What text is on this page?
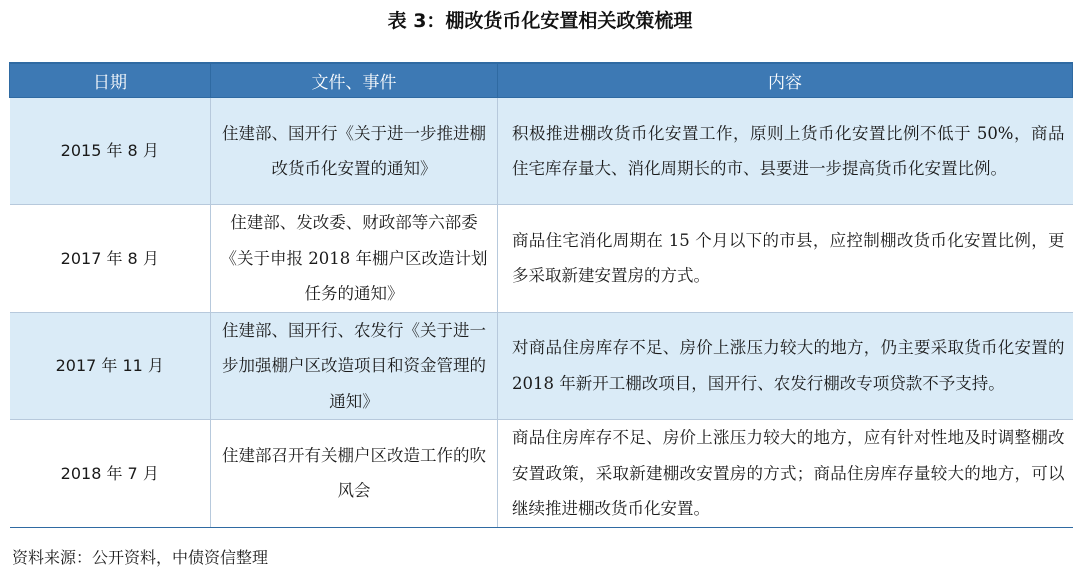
表 3：棚改货币化安置相关政策梳理
日期	文件、事件	内容
2015 年 8 月	住建部、国开行《关于进一步推进棚改货币化安置的通知》	积极推进棚改货币化安置工作，原则上货币化安置比例不低于 50%，商品住宅库存量大、消化周期长的市、县要进一步提高货币化安置比例。
2017 年 8 月	住建部、发改委、财政部等六部委《关于申报 2018 年棚户区改造计划任务的通知》	商品住宅消化周期在 15 个月以下的市县，应控制棚改货币化安置比例，更多采取新建安置房的方式。
2017 年 11 月	住建部、国开行、农发行《关于进一步加强棚户区改造项目和资金管理的通知》	对商品住房库存不足、房价上涨压力较大的地方，仍主要采取货币化安置的 2018 年新开工棚改项目，国开行、农发行棚改专项贷款不予支持。
2018 年 7 月	住建部召开有关棚户区改造工作的吹风会	商品住房库存不足、房价上涨压力较大的地方，应有针对性地及时调整棚改安置政策，采取新建棚改安置房的方式；商品住房库存量较大的地方，可以继续推进棚改货币化安置。
资料来源：公开资料，中债资信整理
